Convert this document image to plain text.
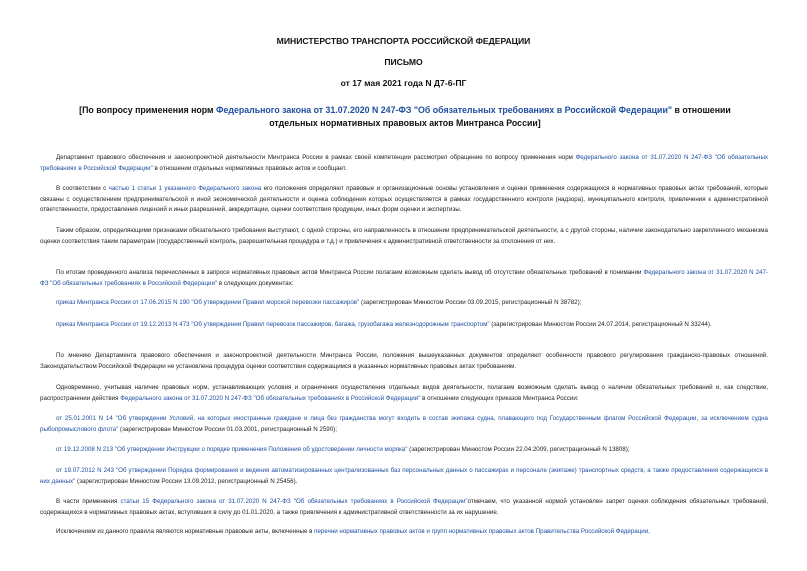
МИНИСТЕРСТВО ТРАНСПОРТА РОССИЙСКОЙ ФЕДЕРАЦИИ
ПИСЬМО
от 17 мая 2021 года N Д7-6-ПГ
[По вопросу применения норм Федерального закона от 31.07.2020 N 247-ФЗ "Об обязательных требованиях в Российской Федерации" в отношении отдельных нормативных правовых актов Минтранса России]
Департамент правового обеспечения и законопроектной деятельности Минтранса России в рамках своей компетенции рассмотрел обращение по вопросу применения норм Федерального закона от 31.07.2020 N 247-ФЗ "Об обязательных требованиях в Российской Федерации" в отношении отдельных нормативных правовых актов и сообщает.
В соответствии с частью 1 статьи 1 указанного Федерального закона его положения определяют правовые и организационные основы установления и оценки применения содержащихся в нормативных правовых актах требований, которые связаны с осуществлением предпринимательской и иной экономической деятельности и оценка соблюдения которых осуществляется в рамках государственного контроля (надзора), муниципального контроля, привлечения к административной ответственности, предоставления лицензий и иных разрешений, аккредитации, оценки соответствия продукции, иных форм оценки и экспертизы.
Таким образом, определяющими признаками обязательного требования выступают, с одной стороны, его направленность в отношении предпринимательской деятельности, а с другой стороны, наличие законодательно закрепленного механизма оценки соответствия таким параметрам (государственный контроль, разрешительная процедура и т.д.) и привлечения к административной ответственности за отклонения от них.
По итогам проведенного анализа перечисленных в запросе нормативных правовых актов Минтранса России полагаем возможным сделать вывод об отсутствии обязательных требований в понимании Федерального закона от 31.07.2020 N 247-ФЗ "Об обязательных требованиях в Российской Федерации" в следующих документах:
приказ Минтранса России от 17.06.2015 N 190 "Об утверждении Правил морской перевозки пассажиров" (зарегистрирован Минюстом России 03.09.2015, регистрационный N 38782);
приказ Минтранса России от 19.12.2013 N 473 "Об утверждении Правил перевозок пассажиров, багажа, грузобагажа железнодорожным транспортом" (зарегистрирован Минюстом России 24.07.2014, регистрационный N 33244).
По мнению Департамента правового обеспечения и законопроектной деятельности Минтранса России, положения вышеуказанных документов определяют особенности правового регулирования гражданско-правовых отношений. Законодательством Российской Федерации не установлена процедура оценки соответствия содержащимся в указанных нормативных правовых актах требованиям.
Одновременно, учитывая наличие правовых норм, устанавливающих условия и ограничения осуществления отдельных видов деятельности, полагаем возможным сделать вывод о наличии обязательных требований и, как следствие, распространении действия Федерального закона от 31.07.2020 N 247-ФЗ "Об обязательных требованиях в Российской Федерации" в отношении следующих приказов Минтранса России:
от 25.01.2001 N 14 "Об утверждении Условий, на которых иностранные граждане и лица без гражданства могут входить в состав экипажа судна, плавающего под Государственным флагом Российской Федерации, за исключением судна рыбопромыслового флота" (зарегистрирован Минюстом России 01.03.2001, регистрационный N 2590);
от 19.12.2008 N 213 "Об утверждении Инструкции о порядке применения Положения об удостоверении личности моряка" (зарегистрирован Минюстом России 22.04.2009, регистрационный N 13808);
от 19.07.2012 N 243 "Об утверждении Порядка формирования и ведения автоматизированных централизованных баз персональных данных о пассажирах и персонале (экипаже) транспортных средств, а также предоставления содержащихся в них данных" (зарегистрирован Минюстом России 13.09.2012, регистрационный N 25456).
В части применения статьи 15 Федерального закона от 31.07.2020 N 247-ФЗ "Об обязательных требованиях в Российской Федерации"отмечаем, что указанной нормой установлен запрет оценки соблюдения обязательных требований, содержащихся в нормативных правовых актах, вступивших в силу до 01.01.2020, а также привлечения к административной ответственности за их нарушение.
Исключением из данного правила являются нормативные правовые акты, включенные в перечни нормативных правовых актов и групп нормативных правовых актов Правительства Российской Федерации,
